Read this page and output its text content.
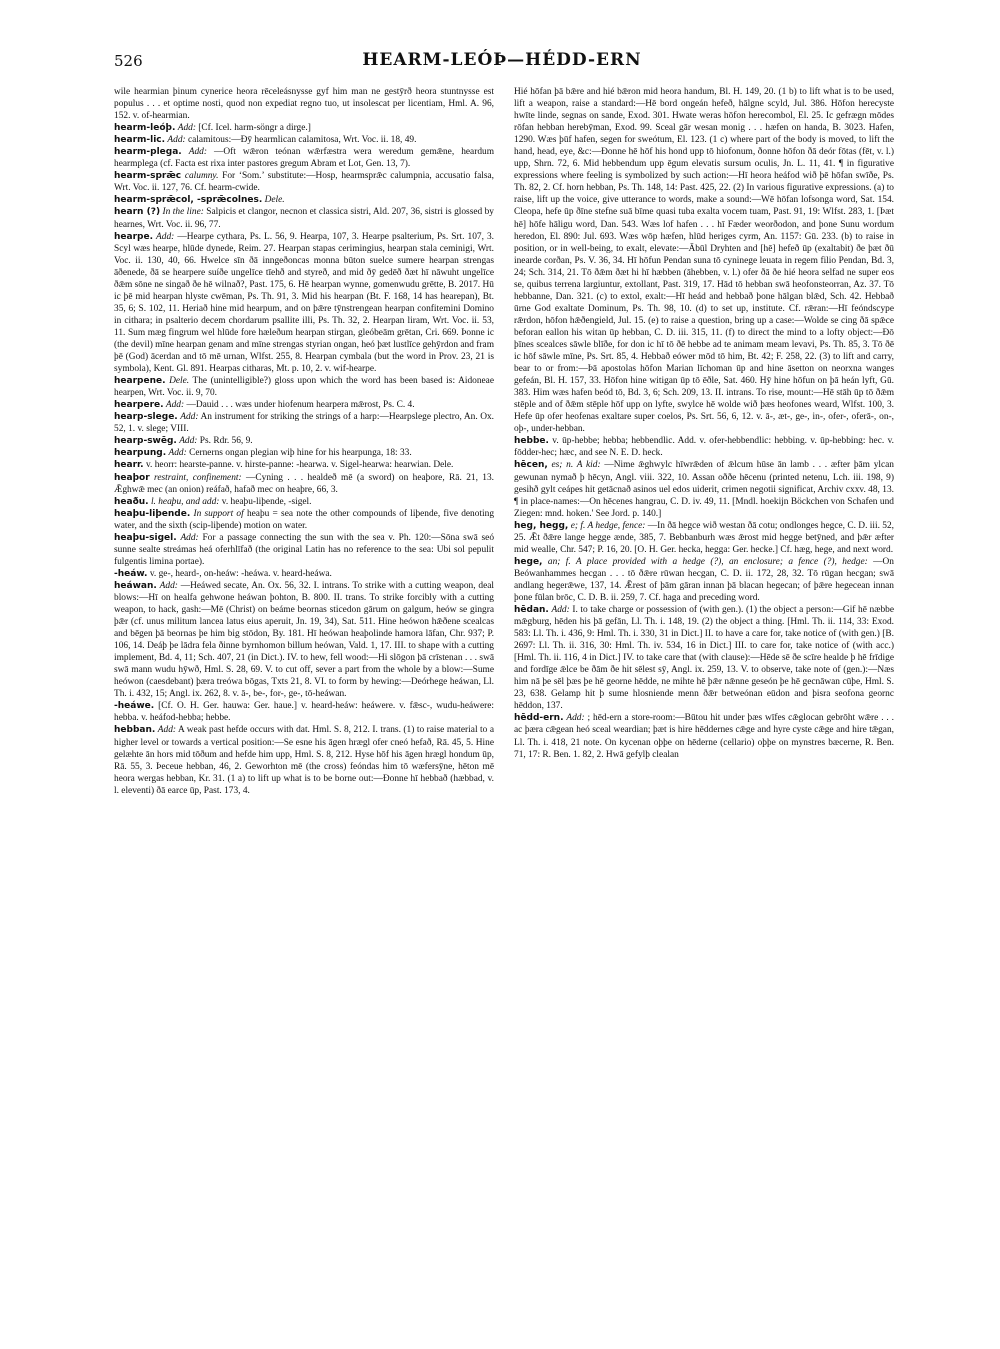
526	HEARM-LEÓÞ—HÉDD-ERN

wile hearmian þinum cynerice heora rēceleásnysse gyf him man ne gestȳrð heora stuntnysse est populus . . . et optime nosti, quod non expediat regno tuo, ut insolescat per licentiam, Hml. A. 96, 152. v. of-hearmian.

hearm-leóþ. Add: [Cf. Icel. harm-söngr a dirge.]

hearm-lic. Add: calamitous:—Ðȳ hearmlican calamitosa, Wrt. Voc. ii. 18, 49.

hearm-plega. Add: —Oft wǣron teónan wǣrfæstra wera weredum gemǣne, heardum hearmplega (cf. Facta est rixa inter pastores gregum Abram et Lot, Gen. 13, 7).

hearm-sprǣc calumny. For ‘Som.’ substitute:—Hosp, hearmsprǣc calumpnia, accusatio falsa, Wrt. Voc. ii. 127, 76. Cf. hearm-cwide.

hearm-sprǣcol, -sprǣcolnes. Dele.

hearn (?) In the line: Salpicis et clangor, necnon et classica sistri, Ald. 207, 36, sistri is glossed by hearnes, Wrt. Voc. ii. 96, 77.

hearpe. Add: —Hearpe cythara, Ps. L. 56, 9. Hearpa, 107, 3. Hearpe psalterium, Ps. Srt. 107, 3. Scyl wæs hearpe, hlūde dynede, Reim. 27. Hearpan stapas cerimingius, hearpan stala ceminigi, Wrt. Voc. ii. 130, 40, 66. Hwelce sīn ðā inngeðoncas monna būton suelce sumere hearpan strengas āðenede, ðā se hearpere suíðe ungelīce tīehð and styreð, and mid ðȳ gedēð ðæt hī nāwuht ungelīce ðǣm sōne ne singað ðe hē wilnað?, Past. 175, 6. Hē hearpan wynne, gomenwudu grētte, B. 2017. Hū ic þē mid hearpan hlyste cwēman, Ps. Th. 91, 3. Mid his hearpan (Bt. F. 168, 14 has hearepan), Bt. 35, 6; S. 102, 11. Heriað hine mid hearpum, and on þǣre tȳnstrengean hearpan confitemini Domino in cithara; in psalterio decem chordarum psallite illi, Ps. Th. 32, 2. Hearpan liram, Wrt. Voc. ii. 53, 11. Sum mæg fingrum wel hlūde fore hæleðum hearpan stirgan, gleóbeām grētan, Cri. 669. Þonne ic (the devil) mīne hearpan genam and mīne strengas styrian ongan, heó þæt lustlīce gehȳrdon and fram þē (God) ācerdan and tō mē urnan, Wlfst. 255, 8. Hearpan cymbala (but the word in Prov. 23, 21 is symbola), Kent. Gl. 891. Hearpas citharas, Mt. p. 10, 2. v. wif-hearpe.

hearpene. Dele. The (unintelligible?) gloss upon which the word has been based is: Aidoneae hearpen, Wrt. Voc. ii. 9, 70.

hearpere. Add: —Dauid . . . wæs under hiofenum hearpera mǣrost, Ps. C. 4.

hearp-slege. Add: An instrument for striking the strings of a harp:—Hearpslege plectro, An. Ox. 52, 1. v. slege; VIII.

hearp-swēg. Add: Ps. Rdr. 56, 9.

hearpung. Add: Cernerns ongan plegian wiþ hine for his hearpunga, 18: 33.

hearr. v. heorr: hearste-panne. v. hirste-panne: -hearwa. v. Sigel-hearwa: hearwian. Dele.

heaþor restraint, confinement: —Cyning . . . healdeð mē (a sword) on heaþore, Rā. 21, 13. Ǣghwǣ mec (an onion) reáfað, hafað mec on heaþre, 66, 3.

heaðu. l. heaþu, and add: v. heaþu-liþende, -sigel.

heaþu-liþende. In support of heaþu = sea note the other compounds of liþende, five denoting water, and the sixth (scip-liþende) motion on water.

heaþu-sigel. Add: For a passage connecting the sun with the sea v. Ph. 120:—Sōna swā seó sunne sealte streámas heá oferhlīfað (the original Latin has no reference to the sea: Ubi sol pepulit fulgentis limina portae).

-heáw. v. ge-, heard-, on-heáw: -heáwa. v. heard-heáwa.

heáwan. Add: —Heáwed secate, An. Ox. 56, 32. I. intrans. To strike with a cutting weapon, deal blows:—Hī on healfa gehwone heáwan þohton, B. 800. II. trans. To strike forcibly with a cutting weapon, to hack, gash:—Mē (Christ) on beáme beornas sticedon gārum on galgum, heów se gingra þǣr (cf. unus militum lancea latus eius aperuit, Jn. 19, 34), Sat. 511. Hine heówon hǣðene scealcas and bēgen þā beornas þe him big stōdon, By. 181. Hī heówan heaþolinde hamora lāfan, Chr. 937; P. 106, 14. Deáþ þe lādra fela ðinne byrnhomon billum heówan, Vald. 1, 17. III. to shape with a cutting implement, Bd. 4, 11; Sch. 407, 21 (in Dict.). IV. to hew, fell wood:—Hi slōgon þā crīstenan . . . swā swā mann wudu hȳwð, Hml. S. 28, 69. V. to cut off, sever a part from the whole by a blow:—Sume heówon (caesdebant) þæra treówa bōgas, Txts 21, 8. VI. to form by hewing:—Deórhege heáwan, Ll. Th. i. 432, 15; Angl. ix. 262, 8. v. ā-, be-, for-, ge-, tō-heáwan.

-heáwe. [Cf. O. H. Ger. hauwa: Ger. haue.] v. heard-heáw: heáwere. v. fǣsc-, wudu-heáwere: hebba. v. heáfod-hebba; hebbe.

hebban. Add: A weak past hefde occurs with dat. Hml. S. 8, 212. I. trans. (1) to raise material to a higher level or towards a vertical position:—Se esne his āgen hrægl ofer cneó hefað, Rā. 45, 5. Hine gelæhte ān hors mid tōðum and hefde him upp, Hml. S. 8, 212. Hyse hōf his āgen hrægl hondum ūp, Rā. 55, 3. Þeceue hebban, 46, 2. Geworhton mē (the cross) feóndas him tō wæfersȳne, hēton mē heora wergas hebban, Kr. 31. (1 a) to lift up what is to be borne out:—Ðonne hī hebbað (hæbbad, v. l. eleventi) ðā earce ūp, Past. 173, 4.

Hié hōfan þā bǣre and hié bǣron mid heora handum, Bl. H. 149, 20. (1 b) to lift what is to be used, lift a weapon, raise a standard:—Hē bord ongeán hefeð, hālgne scyld, Jul. 386. Hōfon herecyste hwīte linde, segnas on sande, Exod. 301. Hwate weras hōfon herecombol, El. 25. Ic gefrægn mōdes rōfan hebban herebȳman, Exod. 99. Sceal gār wesan monig . . . hæfen on handa, B. 3023. Hafen, 1290. Wæs þūf hafen, segen for sweótum, El. 123. (1 c) where part of the body is moved, to lift the hand, head, eye, &c:—Ðonne hē hōf his hond upp tō hiofonum, ðonne hōfon ðā deór fōtas (fēt, v. l.) upp, Shrn. 72, 6. Mid hebbendum upp ēgum elevatis sursum oculis, Jn. L. 11, 41. ¶ in figurative expressions where feeling is symbolized by such action:—Hī heora heáfod wið þē hōfan swīðe, Ps. Th. 82, 2. Cf. horn hebban, Ps. Th. 148, 14: Past. 425, 22. (2) In various figurative expressions. (a) to raise, lift up the voice, give utterance to words, make a sound:—Wē hōfan lofsonga word, Sat. 154. Cleopa, hefe ūp ðīne stefne suā bīme quasi tuba exalta vocem tuam, Past. 91, 19: Wlfst. 283, 1. [Þæt hē] hōfe hāligu word, Dan. 543. Wæs lof hafen . . . hī Fæder weorðodon, and þone Sunu wordum heredon, El. 890: Jul. 693. Wæs wōp hæfen, hlūd heriges cyrm, An. 1157: Gū. 233. (b) to raise in position, or in well-being, to exalt, elevate:—Ābūl Dryhten and [hē] hefeð ūp (exaltabit) ðe þæt ðū inearde corðan, Ps. V. 36, 34. Hī hōfun Pendan suna tō cyninege leuata in regem filio Pendan, Bd. 3, 24; Sch. 314, 21. Tō ðǣm ðæt hi hī hæbben (āhebben, v. l.) ofer ðā ðe hié heora selfad ne super eos se, quibus terrena largiuntur, extollant, Past. 319, 17. Hād tō hebban swā heofonsteorran, Az. 37. Tō hebbanne, Dan. 321. (c) to extol, exalt:—Hī heád and hebbað þone hālgan blǣd, Sch. 42. Hebbað ūrne God exaltate Dominum, Ps. Th. 98, 10. (d) to set up, institute. Cf. rǣran:—Hī feóndscype rǣrdon, hōfon hǣðengield, Jul. 15. (e) to raise a question, bring up a case:—Wolde se cing ðā spǣce beforan eallon his witan ūp hebban, C. D. iii. 315, 11. (f) to direct the mind to a lofty object:—Ðō þīnes scealces sāwle blīðe, for don ic hī tō ðē hebbe ad te animam meam levavi, Ps. Th. 85, 3. Tō ðē ic hōf sāwle mīne, Ps. Srt. 85, 4. Hebbað eówer mōd tō him, Bt. 42; F. 258, 22. (3) to lift and carry, bear to or from:—Þā apostolas hōfon Marian līchoman ūp and hine āsetton on neorxna wanges gefeán, Bl. H. 157, 33. Hōfon hine witigan ūp tō ēðle, Sat. 460. Hȳ hine hōfun on þā heán lyft, Gū. 383. Him wæs hafen beód tō, Bd. 3, 6; Sch. 209, 13. II. intrans. To rise, mount:—Hē stāh ūp tō ðǣm stēple and of ðǣm stēple hōf upp on lyfte, swylce hē wolde wið þæs heofones weard, Wlfst. 100, 3. Hefe ūp ofer heofenas exaltare super coelos, Ps. Srt. 56, 6, 12. v. ā-, æt-, ge-, in-, ofer-, oferā-, on-, oþ-, under-hebban.

hebbe. v. ūp-hebbe; hebba; hebbendlic. Add. v. ofer-hebbendlic: hebbing. v. ūp-hebbing: hec. v. fōdder-hec; hæc, and see N. E. D. heck.

hēcen, es; n. A kid: —Nime ǣghwylc hīwrǣden of ǣlcum hūse ān lamb . . . æfter þām ylcan gewunan nymað þ hēcyn, Angl. viii. 322, 10. Assan oððe hēcenu (printed netenu, Lch. iii. 198, 9) gesihð gylt ceápes hit getācnað asinos uel edos uiderit, crimen negotii significat, Archiv cxxv. 48, 13. ¶ in place-names:—On hēcenes hangrau, C. D. iv. 49, 11. [Mndl. hoekijn Böckchen von Schafen und Ziegen: mnd. hoken.' See Jord. p. 140.]

heg, hegg, e; f. A hedge, fence: —In ðā hegce wið westan ðā cotu; ondlonges hegce, C. D. iii. 52, 25. Ǣt ðǣre lange hegge ænde, 385, 7. Bebbanburh wæs ǣrost mid hegge betȳned, and þǣr æfter mid wealle, Chr. 547; P. 16, 20. [O. H. Ger. hecka, hegga: Ger. hecke.] Cf. hæg, hege, and next word.

hege, an; f. A place provided with a hedge (?), an enclosure; a fence (?), hedge: —On Beówanhammes hecgan . . . tō ðǣre rūwan hecgan, C. D. ii. 172, 28, 32. Tō rūgan hecgan; swā andlang hegerǣwe, 137, 14. Ǣrest of þām gāran innan þā blacan hegecan; of þǣre hegecean innan þone fūlan brōc, C. D. B. ii. 259, 7. Cf. haga and preceding word.

hēdan. Add: I. to take charge or possession of (with gen.). (1) the object a person:—Gif hē næbbe mǣgburg, hēden his þā gefān, Ll. Th. i. 148, 19. (2) the object a thing. [Hml. Th. ii. 114, 33: Exod. 583: Ll. Th. i. 436, 9: Hml. Th. i. 330, 31 in Dict.] II. to have a care for, take notice of (with gen.) [B. 2697: Ll. Th. ii. 316, 30: Hml. Th. iv. 534, 16 in Dict.] III. to care for, take notice of (with acc.) [Hml. Th. ii. 116, 4 in Dict.] IV. to take care that (with clause):—Hēde sē ðe scīre healde þ hē frīdige and fordīge ǣlce be ðām ðe hit sēlest sȳ, Angl. ix. 259, 13. V. to observe, take note of (gen.):—Næs him nā þe sēl þæs þe hē georne hēdde, ne mihte hē þǣr nǣnne geseón þe hē gecnāwan cūþe, Hml. S. 23, 638. Gelamp hit þ sume hlosniende menn ðǣr betweónan eūdon and þisra seofona geornc hēddon, 137.

hēdd-ern. Add: ; hēd-ern a store-room:—Būtou hit under þæs wīfes cǣglocan gebrōht wǣre . . . ac þæra cǣgean heó sceal weardian; þæt is hire hēddernes cǣge and hyre cyste cǣge and hire tǣgan, Ll. Th. i. 418, 21 note. On kycenan oþþe on hēderne (cellario) oþþe on mynstres bæcerne, R. Ben. 71, 17: R. Ben. 1. 82, 2. Hwā gefylþ clealan
